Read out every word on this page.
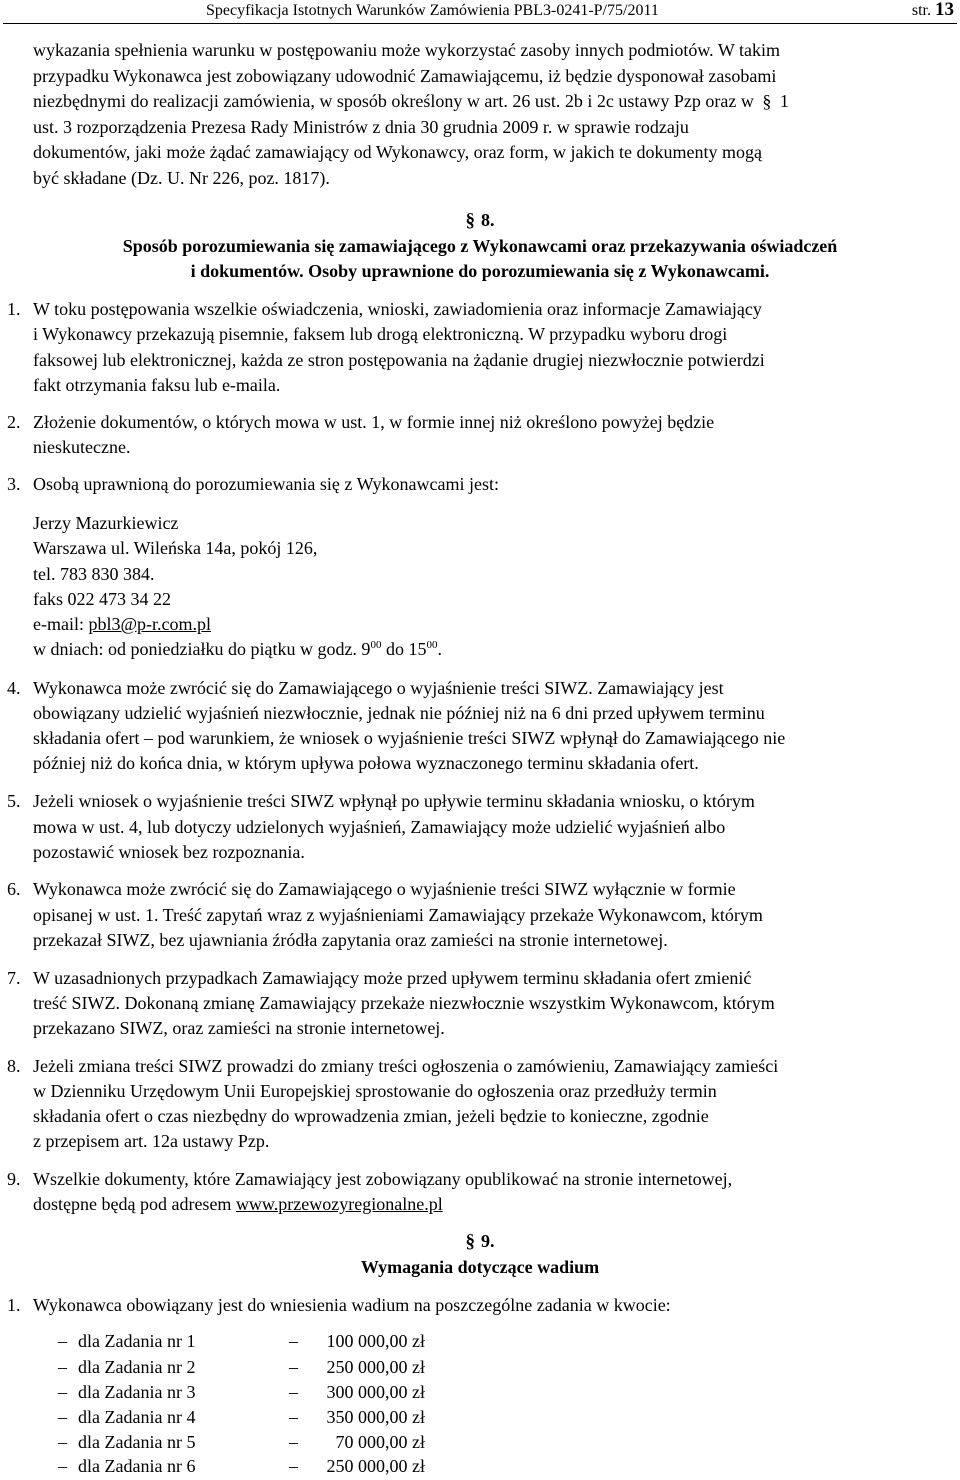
Specyfikacja Istotnych Warunków Zamówienia PBL3-0241-P/75/2011	str. 13
wykazania spełnienia warunku w postępowaniu może wykorzystać zasoby innych podmiotów. W takim
przypadku Wykonawca jest zobowiązany udowodnić Zamawiającemu, iż będzie dysponował zasobami
niezbędnymi do realizacji zamówienia, w sposób określony w art. 26 ust. 2b i 2c ustawy Pzp oraz w § 1
ust. 3 rozporządzenia Prezesa Rady Ministrów z dnia 30 grudnia 2009 r. w sprawie rodzaju
dokumentów, jaki może żądać zamawiający od Wykonawcy, oraz form, w jakich te dokumenty mogą
być składane (Dz. U. Nr 226, poz. 1817).
§ 8.
Sposób porozumiewania się zamawiającego z Wykonawcami oraz przekazywania oświadczeń
i dokumentów. Osoby uprawnione do porozumiewania się z Wykonawcami.
1. W toku postępowania wszelkie oświadczenia, wnioski, zawiadomienia oraz informacje Zamawiający
i Wykonawcy przekazują pisemnie, faksem lub drogą elektroniczną. W przypadku wyboru drogi
faksowej lub elektronicznej, każda ze stron postępowania na żądanie drugiej niezwłocznie potwierdzi
fakt otrzymania faksu lub e-maila.
2. Złożenie dokumentów, o których mowa w ust. 1, w formie innej niż określono powyżej będzie
nieskuteczne.
3. Osobą uprawnioną do porozumiewania się z Wykonawcami jest:
Jerzy Mazurkiewicz
Warszawa ul. Wileńska 14a, pokój 126,
tel. 783 830 384.
faks 022 473 34 22
e-mail: pbl3@p-r.com.pl
w dniach: od poniedziałku do piątku w godz. $9^{00}$ do $15^{00}$.
4. Wykonawca może zwrócić się do Zamawiającego o wyjaśnienie treści SIWZ. Zamawiający jest
obowiązany udzielić wyjaśnień niezwłocznie, jednak nie później niż na 6 dni przed upływem terminu
składania ofert – pod warunkiem, że wniosek o wyjaśnienie treści SIWZ wpłynął do Zamawiającego nie
później niż do końca dnia, w którym upływa połowa wyznaczonego terminu składania ofert.
5. Jeżeli wniosek o wyjaśnienie treści SIWZ wpłynął po upływie terminu składania wniosku, o którym
mowa w ust. 4, lub dotyczy udzielonych wyjaśnień, Zamawiający może udzielić wyjaśnień albo
pozostawić wniosek bez rozpoznania.
6. Wykonawca może zwrócić się do Zamawiającego o wyjaśnienie treści SIWZ wyłącznie w formie
opisanej w ust. 1. Treść zapytań wraz z wyjaśnieniami Zamawiający przekaże Wykonawcom, którym
przekazał SIWZ, bez ujawniania źródła zapytania oraz zamieści na stronie internetowej.
7. W uzasadnionych przypadkach Zamawiający może przed upływem terminu składania ofert zmienić
treść SIWZ. Dokonaną zmianę Zamawiający przekaże niezwłocznie wszystkim Wykonawcom, którym
przekazano SIWZ, oraz zamieści na stronie internetowej.
8. Jeżeli zmiana treści SIWZ prowadzi do zmiany treści ogłoszenia o zamówieniu, Zamawiający zamieści
w Dzienniku Urzędowym Unii Europejskiej sprostowanie do ogłoszenia oraz przedłuży termin
składania ofert o czas niezbędny do wprowadzenia zmian, jeżeli będzie to konieczne, zgodnie
z przepisem art. 12a ustawy Pzp.
9. Wszelkie dokumenty, które Zamawiający jest zobowiązany opublikować na stronie internetowej,
dostępne będą pod adresem www.przewozyregionalne.pl
§ 9.
Wymagania dotyczące wadium
1. Wykonawca obowiązany jest do wniesienia wadium na poszczególne zadania w kwocie:
– dla Zadania nr 1	–	100 000,00 zł
– dla Zadania nr 2	–	250 000,00 zł
– dla Zadania nr 3	–	300 000,00 zł
– dla Zadania nr 4	–	350 000,00 zł
– dla Zadania nr 5	–	70 000,00 zł
– dla Zadania nr 6	–	250 000,00 zł
